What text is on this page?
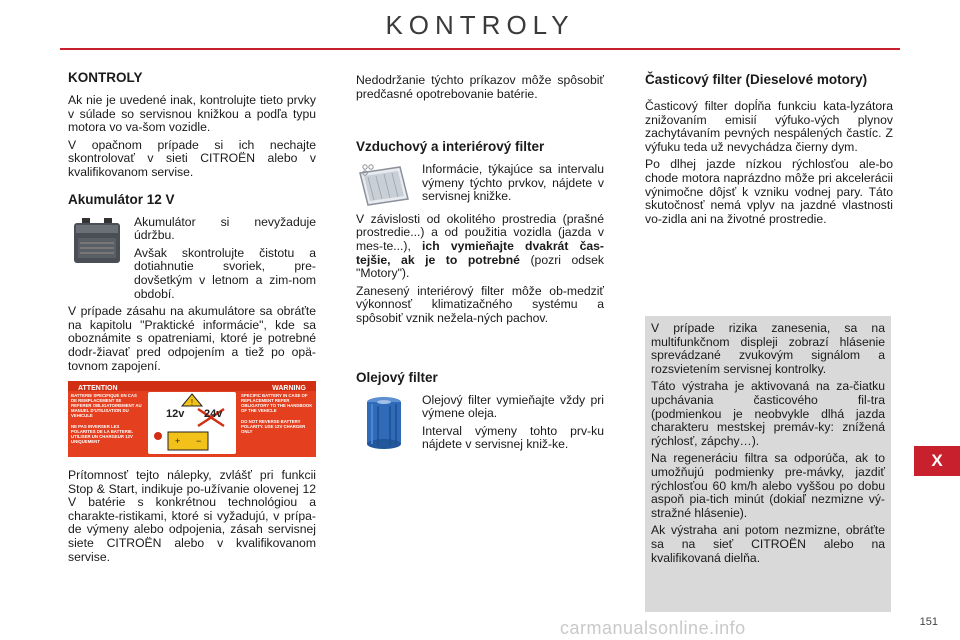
KONTROLY
KONTROLY

Ak nie je uvedené inak, kontrolujte tieto prvky v súlade so servisnou knižkou a podľa typu motora vo va-šom vozidle.

V opačnom prípade si ich nechajte skontrolovať v sieti CITROËN alebo v kvalifikovanom servise.

Akumulátor 12 V

Akumulátor si nevyžaduje údržbu.

Avšak skontrolujte čistotu a dotiahnutie svoriek, pre-dovšetkým v letnom a zim-nom období.

V prípade zásahu na akumulátore sa obráťte na kapitolu "Praktické informácie", kde sa oboznámite s opatreniami, ktoré je potrebné dodr-žiavať pred odpojením a tiež po opä-tovnom zapojení.

ATTENTION	WARNING
BATTERIE SPECIFIQUE EN CAS DE REMPLACEMENT SE REFERER OBLIGATOIREMENT AU MANUEL D'UTILISATION DU VEHICULE
NE PAS INVERSER LES POLARITES DE LA BATTERIE. UTILISER UN CHARGEUR 12V UNIQUEMENT
!
+ −
12v 24v
SPECIFIC BATTERY IN CASE OF REPLACEMENT REFER OBLIGATORY TO THE HANDBOOK OF THE VEHICLE
DO NOT REVERSE BATTERY POLARITY. USE 12V CHARGER ONLY

Prítomnosť tejto nálepky, zvlášť pri funkcii Stop & Start, indikuje po-užívanie olovenej 12 V batérie s konkrétnou technológiou a charakte-ristikami, ktoré si vyžadujú, v prípa-de výmeny alebo odpojenia, zásah servisnej siete CITROËN alebo v kvalifikovanom servise.

Nedodržanie týchto príkazov môže spôsobiť predčasné opotrebovanie batérie.

Vzduchový a interiérový filter

Informácie, týkajúce sa intervalu výmeny týchto prvkov, nájdete v servisnej knižke.

V závislosti od okolitého prostredia (prašné prostredie...) a od použitia vozidla (jazda v mes-te...), ich vymieňajte dvakrát čas-tejšie, ak je to potrebné (pozri odsek "Motory").

Zanesený interiérový filter môže ob-medziť výkonnosť klimatizačného systému a spôsobiť vznik nežela-ných pachov.

Olejový filter

Olejový filter vymieňajte vždy pri výmene oleja.

Interval výmeny tohto prv-ku nájdete v servisnej kniž-ke.

Časticový filter (Dieselové motory)

Časticový filter dopĺňa funkciu kata-lyzátora znižovaním emisií výfuko-vých plynov zachytávaním pevných nespálených častíc. Z výfuku teda už nevychádza čierny dym.

Po dlhej jazde nízkou rýchlosťou ale-bo chode motora naprázdno môže pri akcelerácii výnimočne dôjsť k vzniku vodnej pary. Táto skutočnosť nemá vplyv na jazdné vlastnosti vo-zidla ani na životné prostredie.

V prípade rizika zanesenia, sa na multifunkčnom displeji zobrazí hlásenie sprevádzané zvukovým signálom a rozsvietením servisnej kontrolky.

Táto výstraha je aktivovaná na za-čiatku upchávania časticového fil-tra (podmienkou je neobvykle dlhá jazda charakteru mestskej premáv-ky: znížená rýchlosť, zápchy…).

Na regeneráciu filtra sa odporúča, ak to umožňujú podmienky pre-mávky, jazdiť rýchlosťou 60 km/h alebo vyššou po dobu aspoň pia-tich minút (dokiaľ nezmizne vý-stražné hlásenie).

Ak výstraha ani potom nezmizne, obráťte sa na sieť CITROËN alebo na kvalifikovaná dielňa.

X
carmanualsonline.info	151
